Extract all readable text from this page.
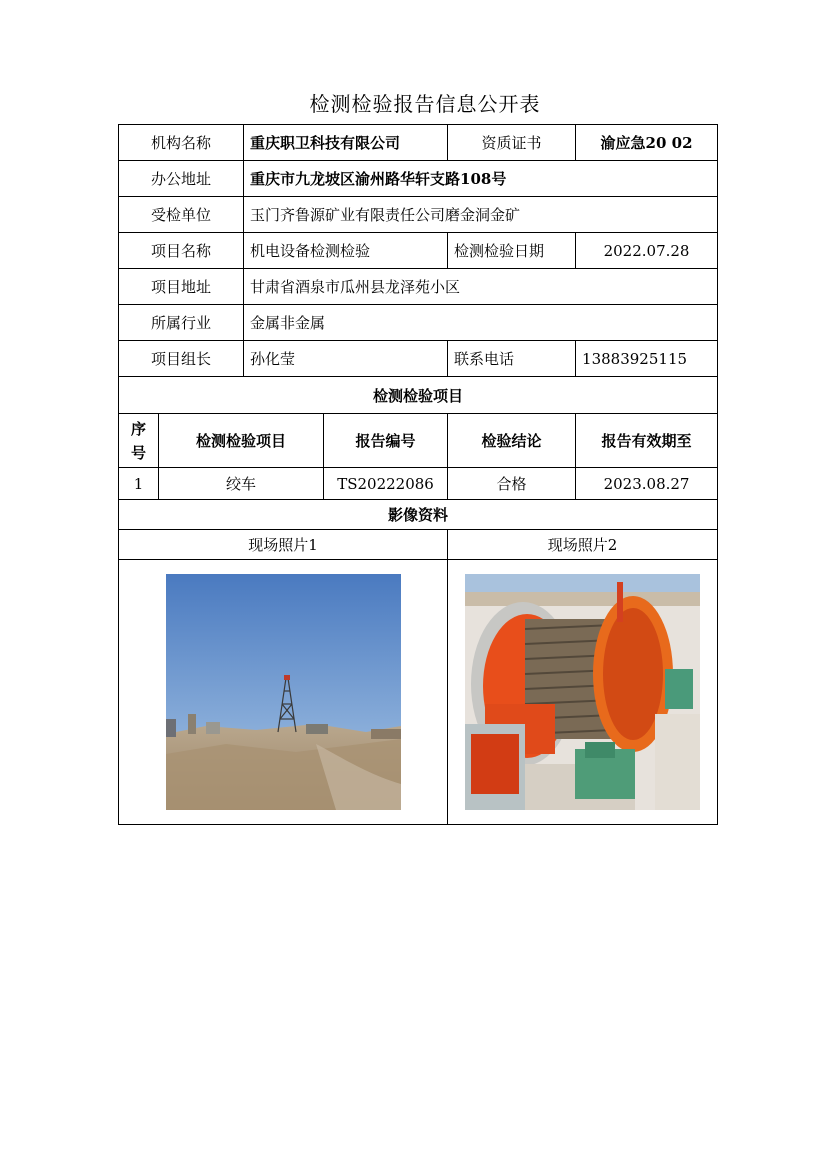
检测检验报告信息公开表
机构名称		重庆职卫科技有限公司		资质证书	渝应急20 02
办公地址		重庆市九龙坡区渝州路华轩支路108号			
受检单位		玉门齐鲁源矿业有限责任公司磨金洞金矿			
项目名称		机电设备检测检验		检测检验日期	2022.07.28
项目地址		甘肃省酒泉市瓜州县龙泽苑小区			
所属行业		金属非金属			
项目组长		孙化莹		联系电话	13883925115
检测检验项目					
序
号	检测检验项目		报告编号	检验结论	报告有效期至
1	绞车		TS20222086	合格	2023.08.27
影像资料					
现场照片1				现场照片2	
